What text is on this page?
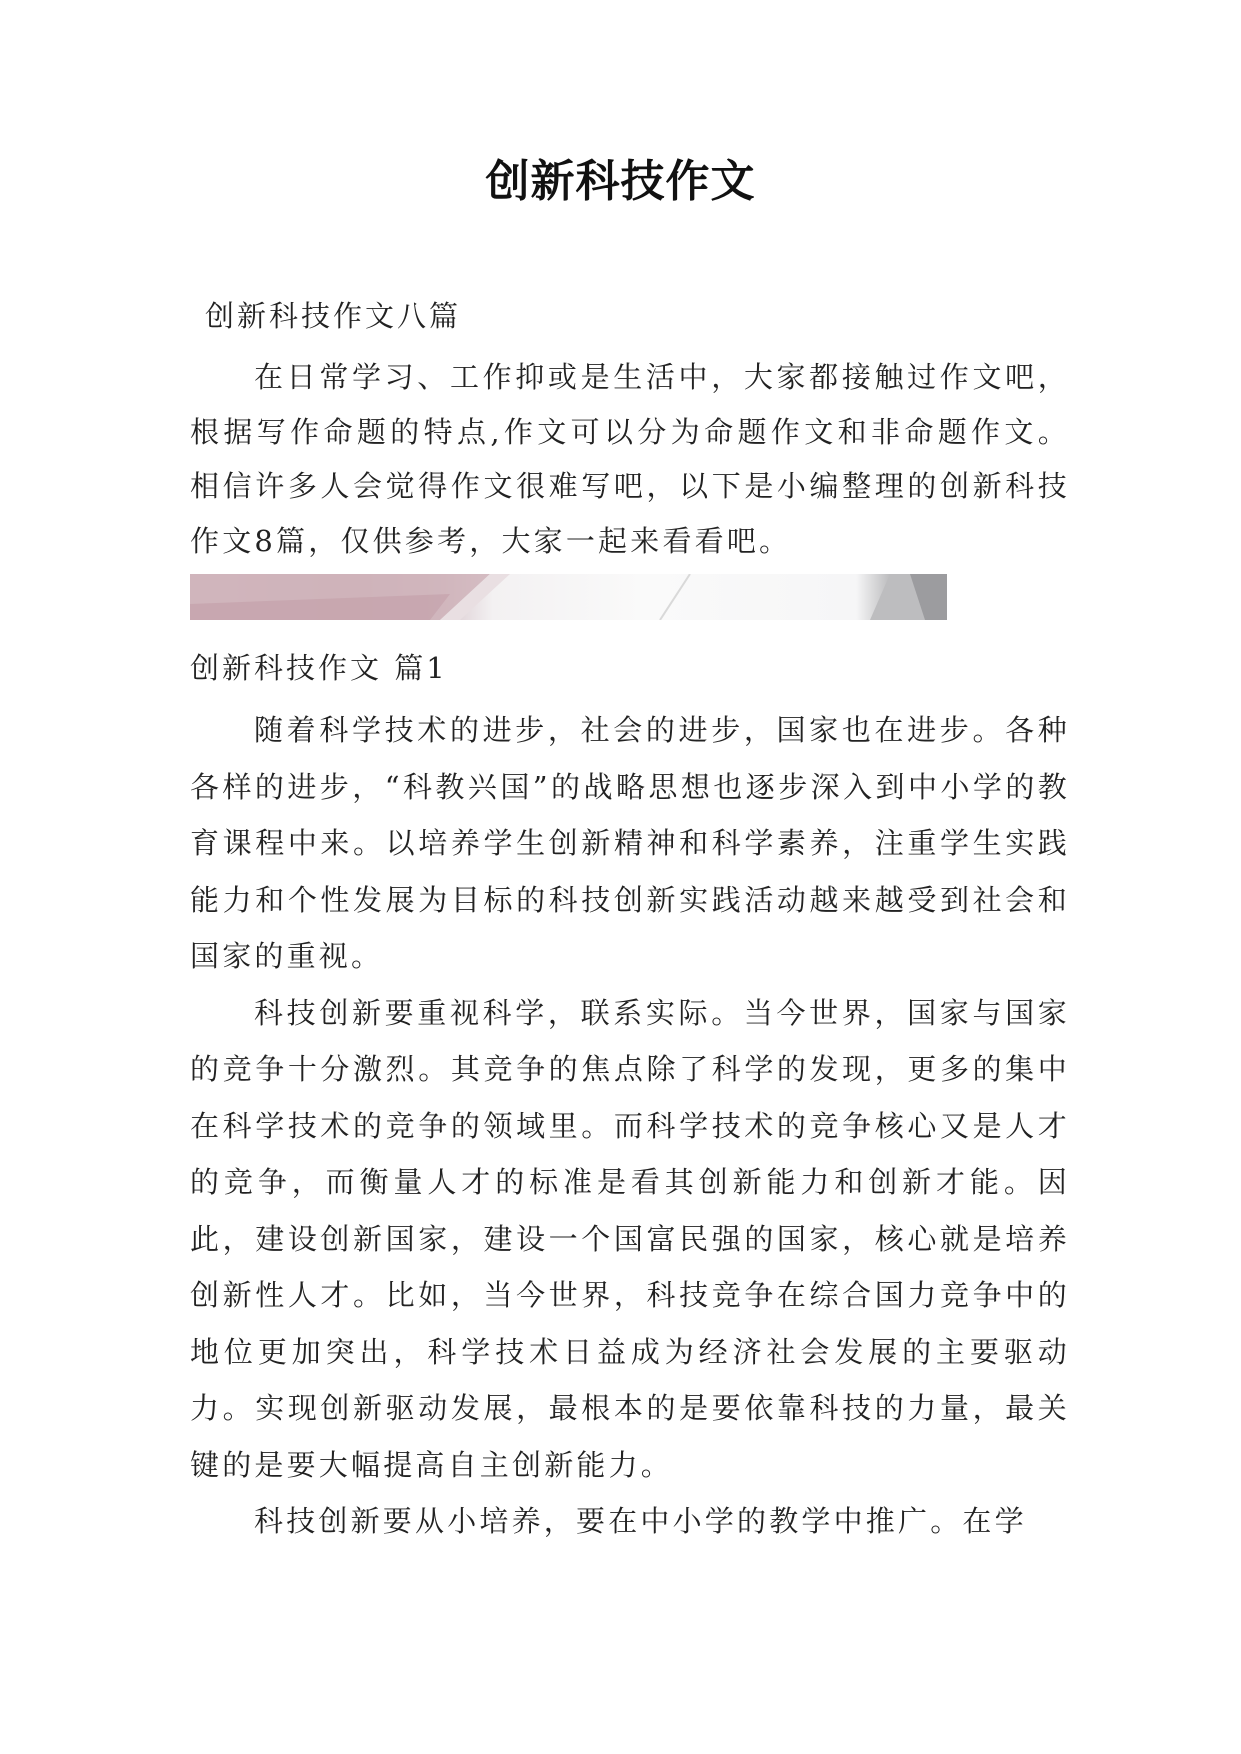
创新科技作文
创新科技作文八篇

在日常学习、工作抑或是生活中，大家都接触过作文吧，根据写作命题的特点,作文可以分为命题作文和非命题作文。相信许多人会觉得作文很难写吧，以下是小编整理的创新科技作文8篇，仅供参考，大家一起来看看吧。

创新科技作文 篇1

随着科学技术的进步，社会的进步，国家也在进步。各种各样的进步，“科教兴国”的战略思想也逐步深入到中小学的教育课程中来。以培养学生创新精神和科学素养，注重学生实践能力和个性发展为目标的科技创新实践活动越来越受到社会和国家的重视。

科技创新要重视科学，联系实际。当今世界，国家与国家的竞争十分激烈。其竞争的焦点除了科学的发现，更多的集中在科学技术的竞争的领域里。而科学技术的竞争核心又是人才的竞争，而衡量人才的标准是看其创新能力和创新才能。因此，建设创新国家，建设一个国富民强的国家，核心就是培养创新性人才。比如，当今世界，科技竞争在综合国力竞争中的地位更加突出，科学技术日益成为经济社会发展的主要驱动力。实现创新驱动发展，最根本的是要依靠科技的力量，最关键的是要大幅提高自主创新能力。

科技创新要从小培养，要在中小学的教学中推广。在学
